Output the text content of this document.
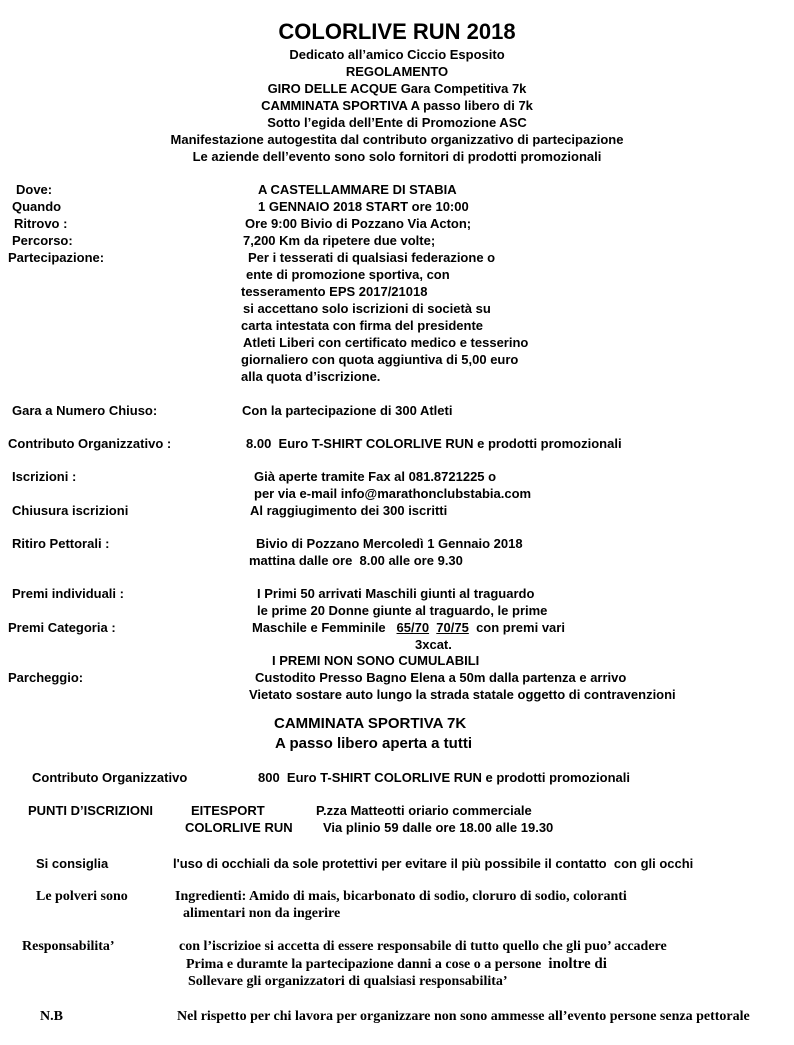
COLORLIVE RUN 2018
Dedicato all’amico Ciccio Esposito
REGOLAMENTO
GIRO DELLE ACQUE Gara Competitiva 7k
CAMMINATA SPORTIVA A passo libero di 7k
Sotto l’egida dell’Ente di Promozione ASC
Manifestazione autogestita dal contributo organizzativo di partecipazione
Le aziende dell’evento sono solo fornitori di prodotti promozionali
Dove:	A CASTELLAMMARE DI STABIA
Quando	1 GENNAIO 2018 START ore 10:00
Ritrovo :	Ore 9:00 Bivio di Pozzano Via Acton;
Percorso:	7,200 Km da ripetere due volte;
Partecipazione:	Per i tesserati di qualsiasi federazione o
ente di promozione sportiva, con
tesseramento EPS 2017/21018
si accettano solo iscrizioni di società su
carta intestata con firma del presidente
Atleti Liberi con certificato medico e tesserino
giornaliero con quota aggiuntiva di 5,00 euro
alla quota d’iscrizione.
Gara a Numero Chiuso:	Con la partecipazione di 300 Atleti
Contributo Organizzativo :	8.00  Euro T-SHIRT COLORLIVE RUN e prodotti promozionali
Iscrizioni :	Già aperte tramite Fax al 081.8721225 o
per via e-mail info@marathonclubstabia.com
Chiusura iscrizioni	Al raggiugimento dei 300 iscritti
Ritiro Pettorali :	Bivio di Pozzano Mercoledì 1 Gennaio 2018
mattina dalle ore  8.00 alle ore 9.30
Premi individuali :	I Primi 50 arrivati Maschili giunti al traguardo
le prime 20 Donne giunte al traguardo, le prime
Premi Categoria :	Maschile e Femminile 65/70 70/75 con premi vari
3xcat.
I PREMI NON SONO CUMULABILI
Parcheggio:	Custodito Presso Bagno Elena a 50m dalla partenza e arrivo
Vietato sostare auto lungo la strada statale oggetto di contravenzioni
CAMMINATA SPORTIVA 7K
A passo libero aperta a tutti
Contributo Organizzativo	800  Euro T-SHIRT COLORLIVE RUN e prodotti promozionali
PUNTI D’ISCRIZIONI	EITESPORT	P.zza Matteotti oriario commerciale
COLORLIVE RUN Via plinio 59 dalle ore 18.00 alle 19.30
Si consiglia	l'uso di occhiali da sole protettivi per evitare il più possibile il contatto  con gli occhi
Le polveri sono	Ingredienti: Amido di mais, bicarbonato di sodio, cloruro di sodio, coloranti
alimentari non da ingerire
Responsabilita’	con l’iscrizioe si accetta di essere responsabile di tutto quello che gli puo’ accadere
Prima e duramte la partecipazione danni a cose o a persone inoltre di
Sollevare gli organizzatori di qualsiasi responsabilita’
N.B	Nel rispetto per chi lavora per organizzare non sono ammesse all’evento persone senza pettorale
